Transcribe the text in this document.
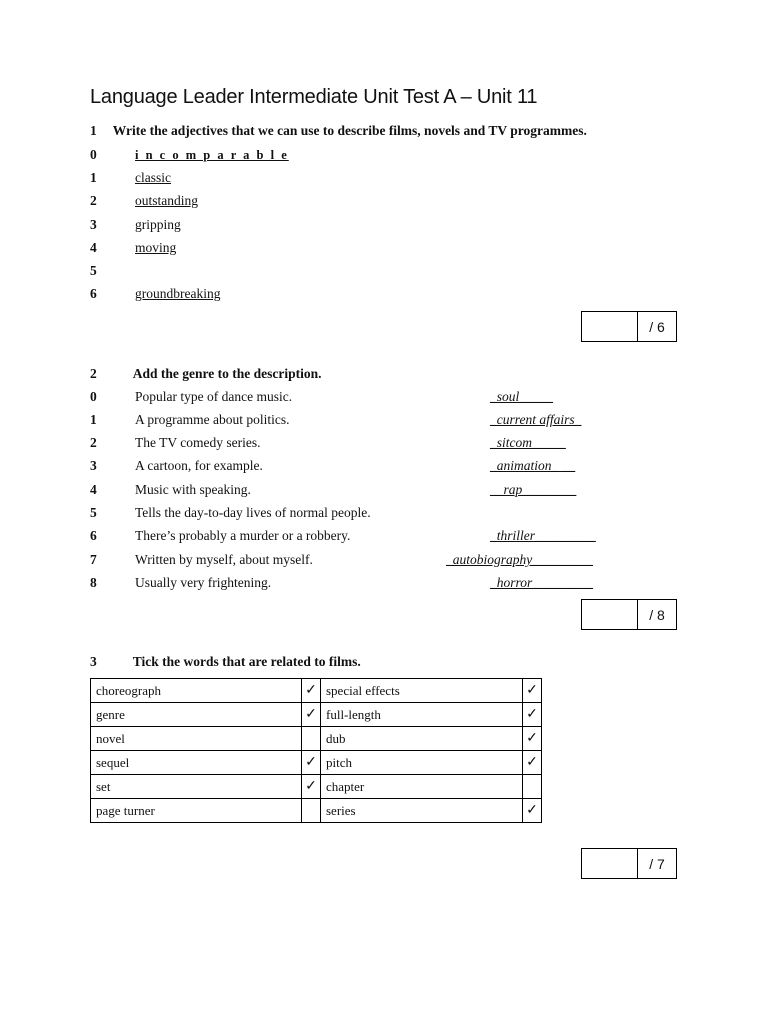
Language Leader Intermediate Unit Test A – Unit 11
1 Write the adjectives that we can use to describe films, novels and TV programmes.
0	i n c o m p a r a b l e
1	classic
2	outstanding
3	gripping
4	moving
5
6	groundbreaking
/ 6
2	Add the genre to the description.
0	Popular type of dance music.	_soul_____
1	A programme about politics.	_current affairs_
2	The TV comedy series.	_sitcom_____
3	A cartoon, for example.	_animation_ __
4	Music with speaking.	__rap________
5	Tells the day-to-day lives of normal people.
6	There’s probably a murder or a robbery.	_thriller_________
7	Written by myself, about myself.	_autobiography_________
8	Usually very frightening.	_horror_________
/ 8
3	Tick the words that are related to films.
choreograph	✓	special effects	✓
genre	✓	full-length	✓
novel		dub	✓
sequel	✓	pitch	✓
set	✓	chapter	
page turner		series	✓
/ 7
